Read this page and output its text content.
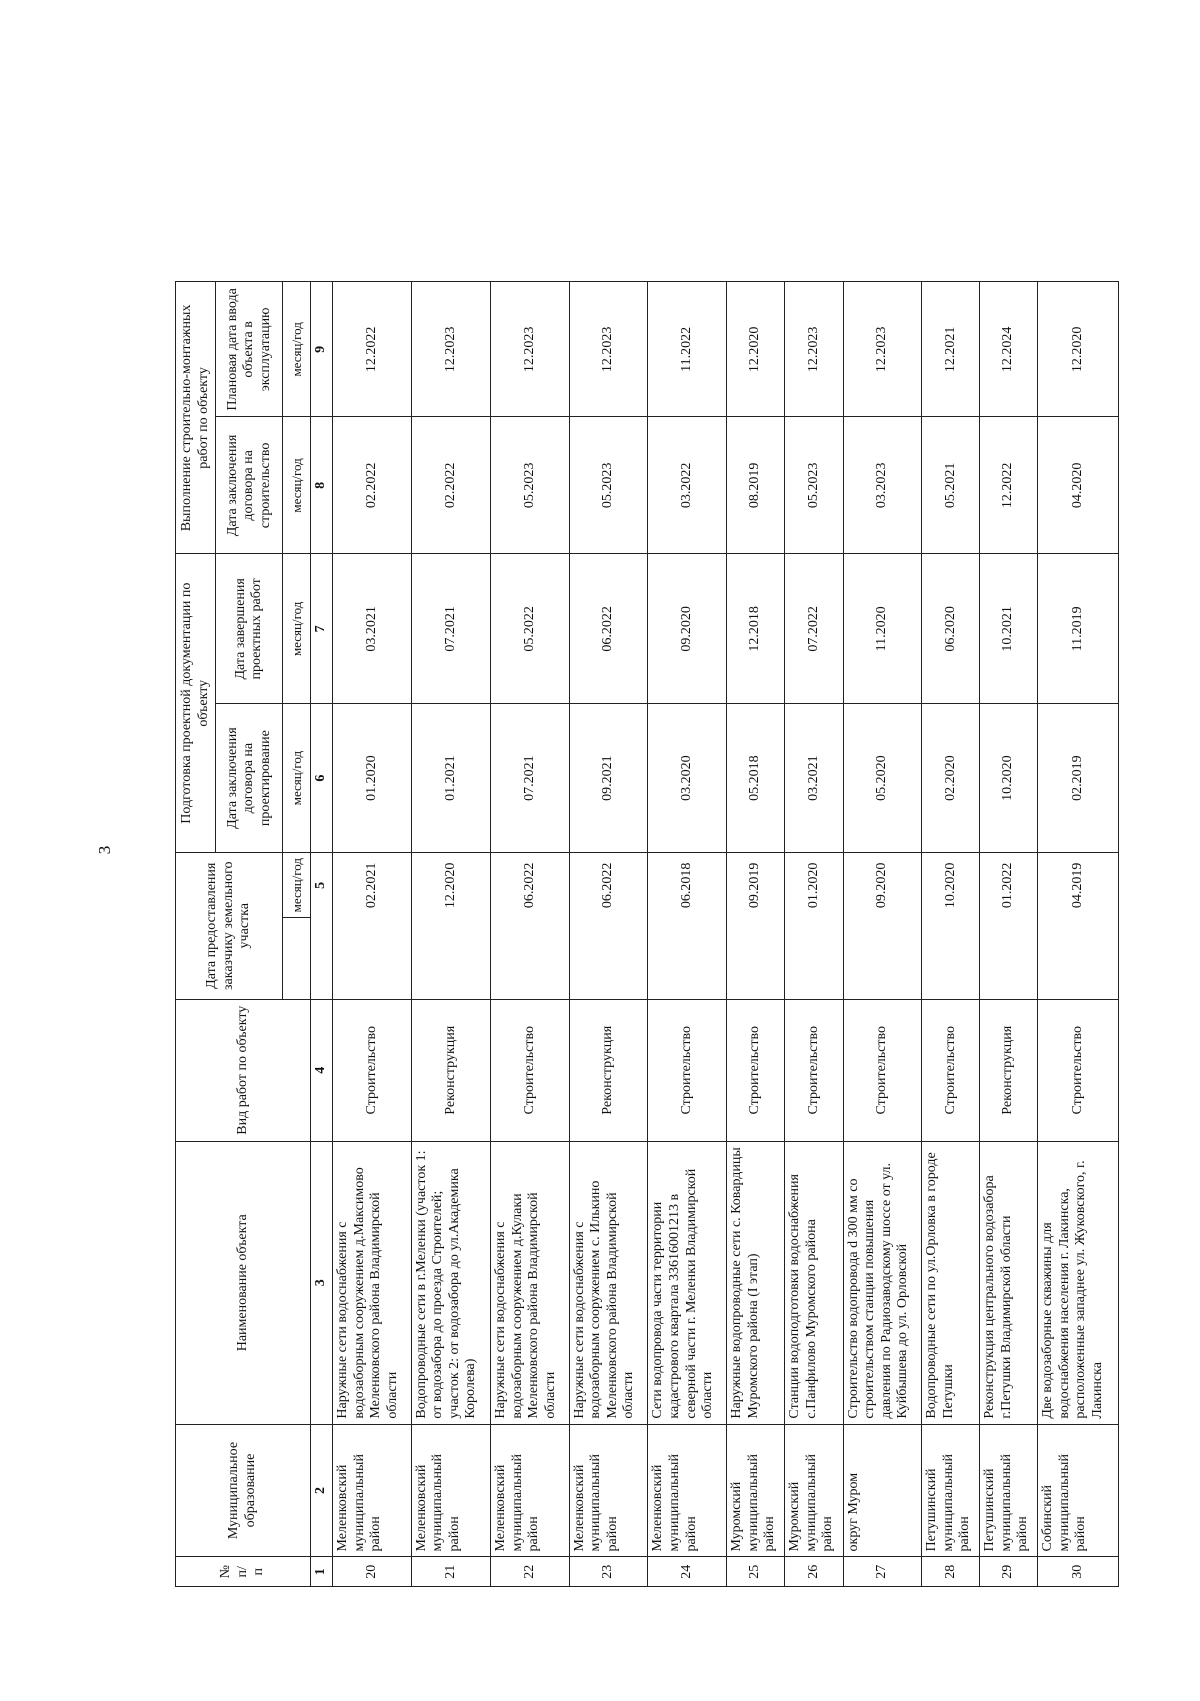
3
№ п/п	Муниципальное образование	Наименование объекта	Вид работ по объекту	Дата предоставления заказчику земельного участка		Подготовка проектной документации по объекту		Выполнение строительно-монтажных работ по объекту		
						Дата заключения договора на проектирование	Дата завершения проектных работ	Дата заключения договора на строительство	Плановая дата ввода объекта в эксплуатацию	
					месяц/год	месяц/год	месяц/год	месяц/год	месяц/год	
1	2	3	4		5	6	7	8	9	
20	Меленковский муниципальный район	Наружные сети водоснабжения с водозаборным сооружением д.Максимово Меленковского района Владимирской области	Строительство		02.2021	01.2020	03.2021	02.2022	12.2022	
21	Меленковский муниципальный район	Водопроводные сети в г.Меленки (участок 1: от водозабора до проезда Строителей; участок 2: от водозабора до ул.Академика Королева)	Реконструкция		12.2020	01.2021	07.2021	02.2022	12.2023	
22	Меленковский муниципальный район	Наружные сети водоснабжения с водозаборным сооружением д.Кулаки Меленковского района Владимирской области	Строительство		06.2022	07.2021	05.2022	05.2023	12.2023	
23	Меленковский муниципальный район	Наружные сети водоснабжения с водозаборным сооружением с. Илькино Меленковского района Владимирской области	Реконструкция		06.2022	09.2021	06.2022	05.2023	12.2023	
24	Меленковский муниципальный район	Сети водопровода части территории кадастрового квартала 33616001213 в северной части г. Меленки Владимирской области	Строительство		06.2018	03.2020	09.2020	03.2022	11.2022	
25	Муромский муниципальный район	Наружные водопроводные сети с. Ковардицы Муромского района (I этап)	Строительство		09.2019	05.2018	12.2018	08.2019	12.2020	
26	Муромский муниципальный район	Станции водоподготовки водоснабжения с.Панфилово Муромского района	Строительство		01.2020	03.2021	07.2022	05.2023	12.2023	
27	округ Муром	Строительство водопровода d 300 мм со строительством станции повышения давления по Радиозаводскому шоссе от ул. Куйбышева до ул. Орловской	Строительство		09.2020	05.2020	11.2020	03.2023	12.2023	
28	Петушинский муниципальный район	Водопроводные сети по ул.Орловка в городе Петушки	Строительство		10.2020	02.2020	06.2020	05.2021	12.2021	
29	Петушинский муниципальный район	Реконструкция центрального водозабора г.Петушки Владимирской области	Реконструкция		01.2022	10.2020	10.2021	12.2022	12.2024	
30	Собинский муниципальный район	Две водозаборные скважины для водоснабжения населения г. Лакинска, расположенные западнее ул. Жуковского, г. Лакинска	Строительство		04.2019	02.2019	11.2019	04.2020	12.2020	
